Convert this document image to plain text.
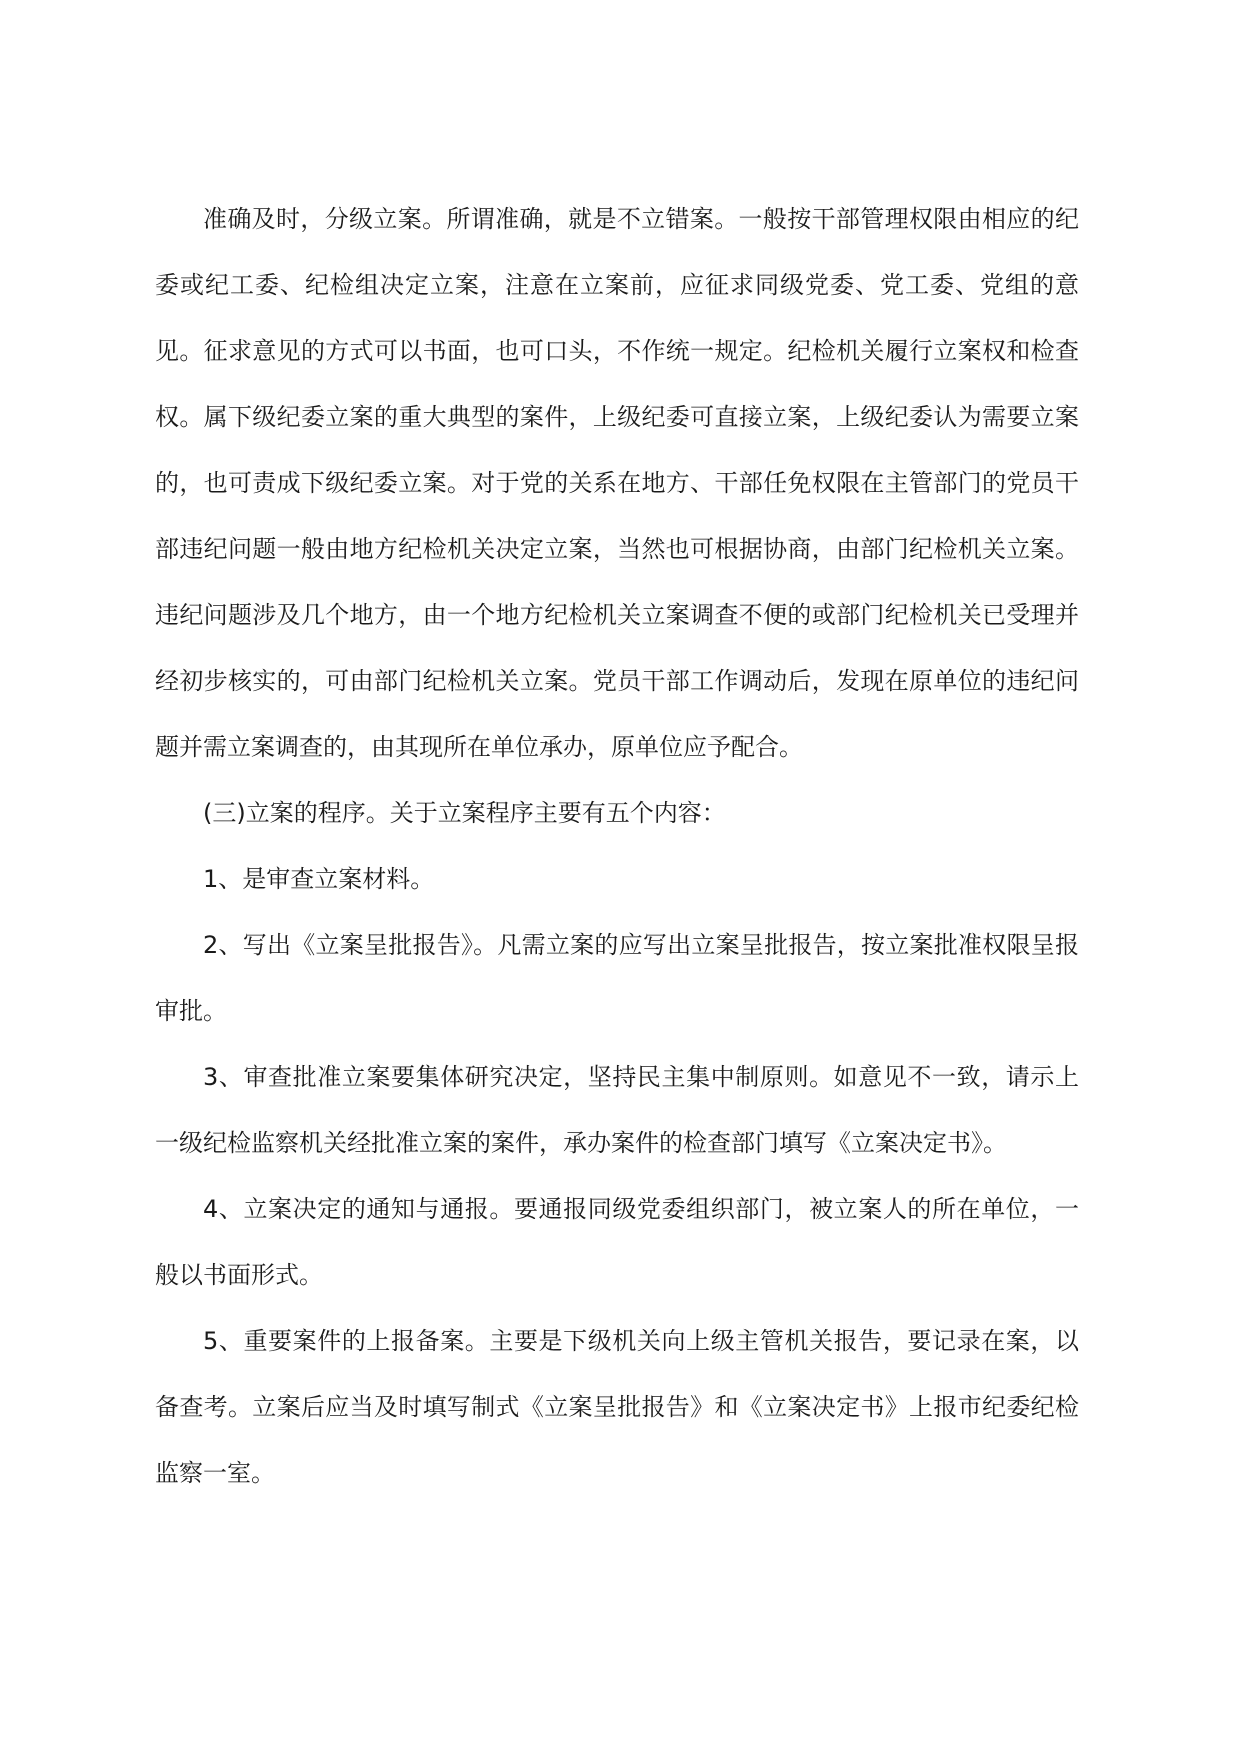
准确及时，分级立案。所谓准确，就是不立错案。一般按干部管理权限由相应的纪委或纪工委、纪检组决定立案，注意在立案前，应征求同级党委、党工委、党组的意见。征求意见的方式可以书面，也可口头，不作统一规定。纪检机关履行立案权和检查权。属下级纪委立案的重大典型的案件，上级纪委可直接立案，上级纪委认为需要立案的，也可责成下级纪委立案。对于党的关系在地方、干部任免权限在主管部门的党员干部违纪问题一般由地方纪检机关决定立案，当然也可根据协商，由部门纪检机关立案。违纪问题涉及几个地方，由一个地方纪检机关立案调查不便的或部门纪检机关已受理并经初步核实的，可由部门纪检机关立案。党员干部工作调动后，发现在原单位的违纪问题并需立案调查的，由其现所在单位承办，原单位应予配合。

(三)立案的程序。关于立案程序主要有五个内容：

1、是审查立案材料。

2、写出《立案呈批报告》。凡需立案的应写出立案呈批报告，按立案批准权限呈报审批。

3、审查批准立案要集体研究决定，坚持民主集中制原则。如意见不一致，请示上一级纪检监察机关经批准立案的案件，承办案件的检查部门填写《立案决定书》。

4、立案决定的通知与通报。要通报同级党委组织部门，被立案人的所在单位，一般以书面形式。

5、重要案件的上报备案。主要是下级机关向上级主管机关报告，要记录在案，以备查考。立案后应当及时填写制式《立案呈批报告》和《立案决定书》上报市纪委纪检监察一室。
